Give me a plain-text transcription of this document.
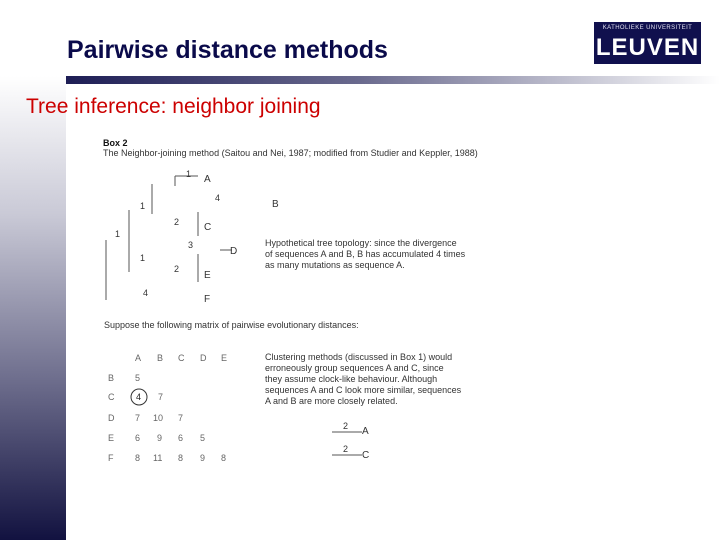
Pairwise distance methods
Tree inference: neighbor joining
KATHOLIEKE UNIVERSITEIT
LEUVEN
Box 2
The Neighbor-joining method (Saitou and Nei, 1987; modified from Studier and Keppler, 1988)
A
B
C
D
E
F
1
1
4
1
2
3
1
2
4
Hypothetical tree topology: since the divergence
of sequences A and B, B has accumulated 4 times
as many mutations as sequence A.
Suppose the following matrix of pairwise evolutionary distances:
A B C D E
B 5
C 4 7
D 7 10 7
E 6 9 6 5
F 8 11 8 9 8
Clustering methods (discussed in Box 1) would
erroneously group sequences A and C, since
they assume clock-like behaviour. Although
sequences A and C look more similar, sequences
A and B are more closely related.
2
2
A
C
